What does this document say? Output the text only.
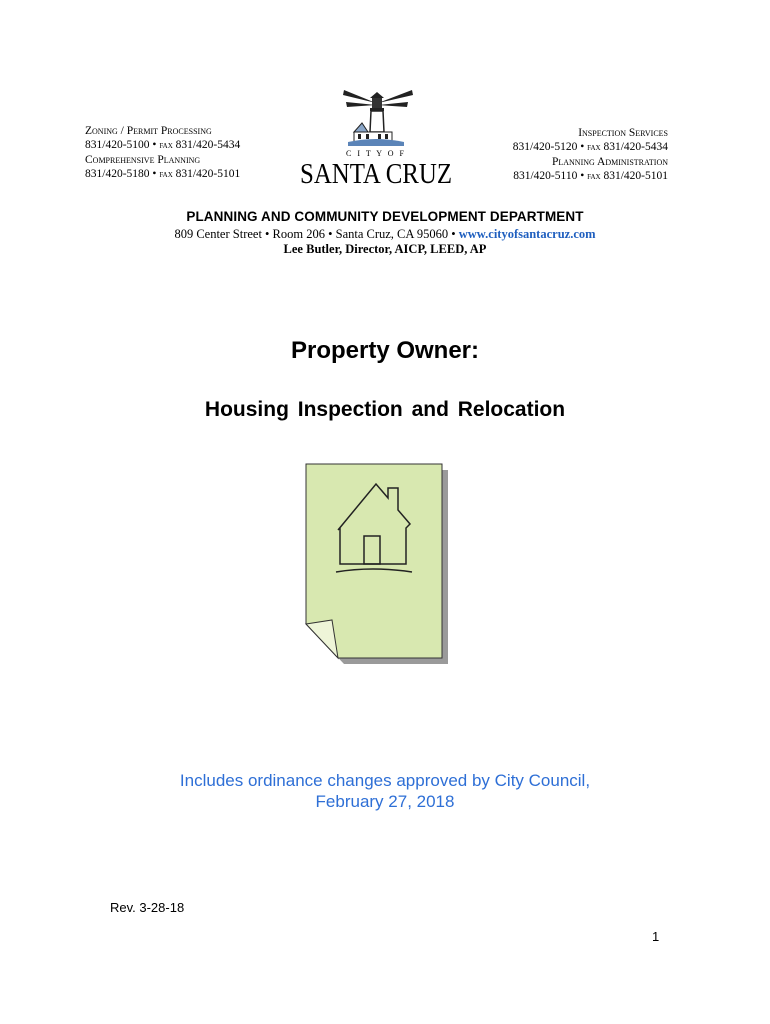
Zoning / Permit Processing
831/420-5100 • fax 831/420-5434
Comprehensive Planning
831/420-5180 • fax 831/420-5101
C I T Y O F
SANTA CRUZ
Inspection Services
831/420-5120 • fax 831/420-5434
Planning Administration
831/420-5110 • fax 831/420-5101
PLANNING AND COMMUNITY DEVELOPMENT DEPARTMENT
809 Center Street • Room 206 • Santa Cruz, CA 95060 • www.cityofsantacruz.com
Lee Butler, Director, AICP, LEED, AP
Property Owner:
Housing Inspection and Relocation
Includes ordinance changes approved by City Council,
February 27, 2018
Rev. 3-28-18
1
